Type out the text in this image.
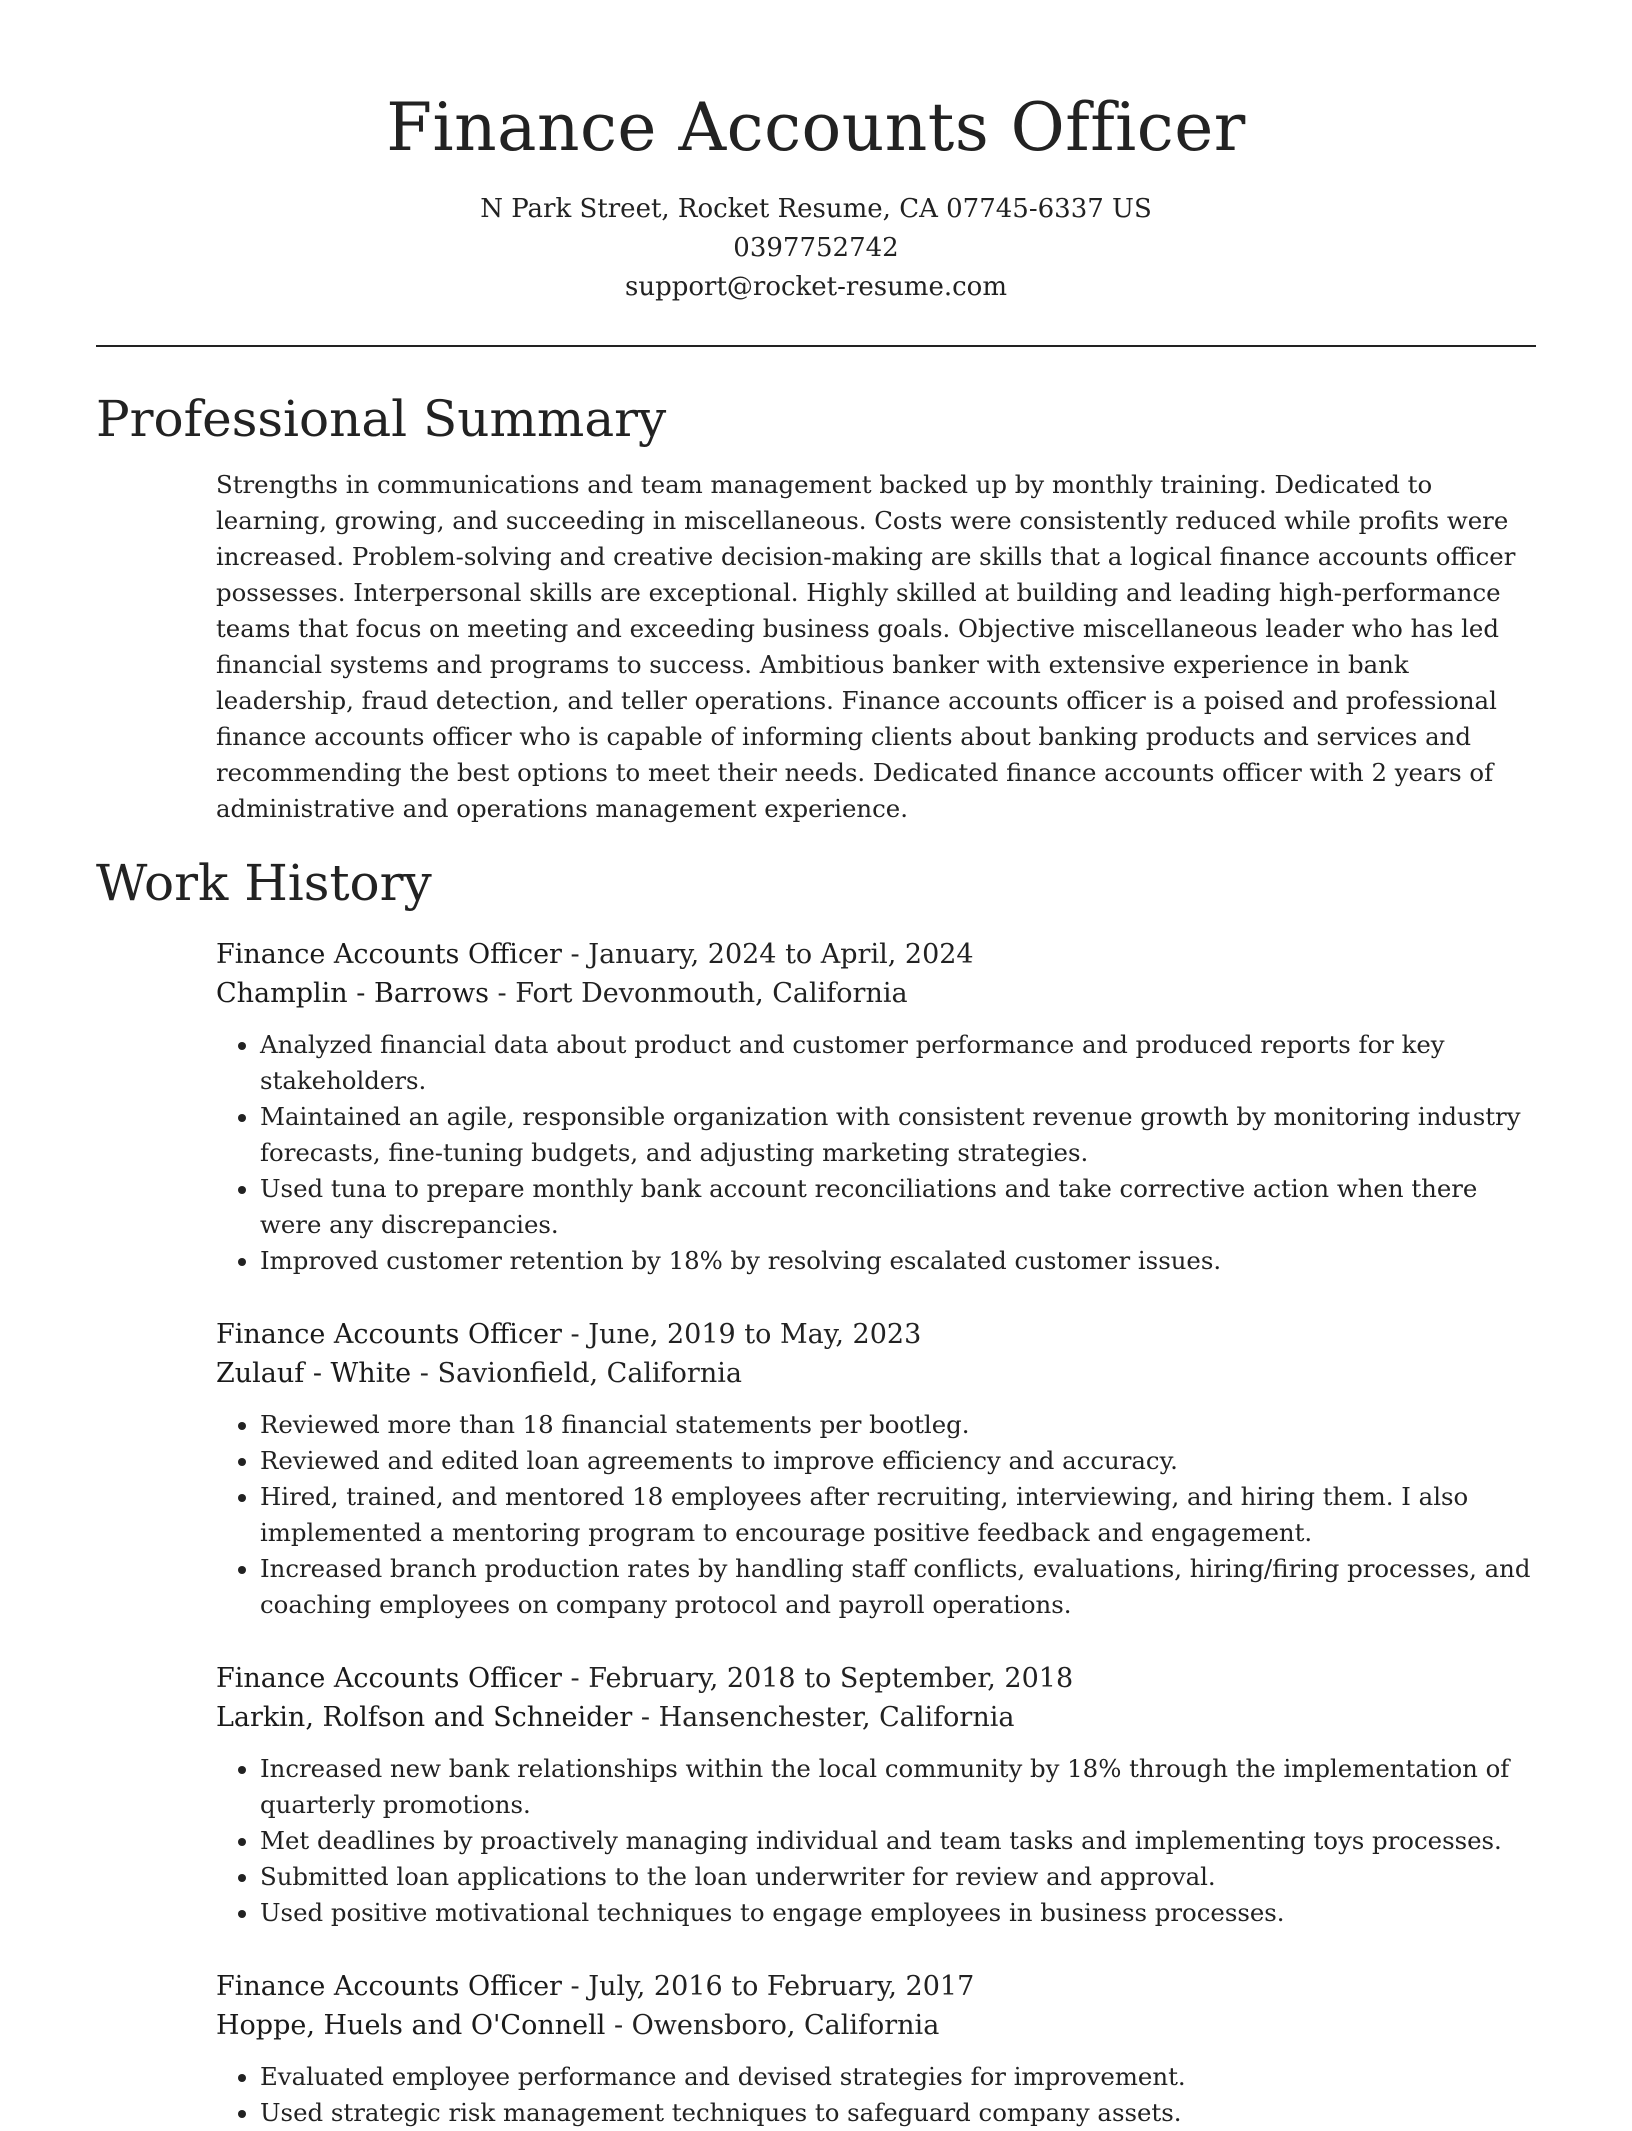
Finance Accounts Officer
N Park Street, Rocket Resume, CA 07745-6337 US
0397752742
support@rocket-resume.com
Professional Summary

Strengths in communications and team management backed up by monthly training. Dedicated to learning, growing, and succeeding in miscellaneous. Costs were consistently reduced while profits were increased. Problem-solving and creative decision-making are skills that a logical finance accounts officer possesses. Interpersonal skills are exceptional. Highly skilled at building and leading high-performance teams that focus on meeting and exceeding business goals. Objective miscellaneous leader who has led financial systems and programs to success. Ambitious banker with extensive experience in bank leadership, fraud detection, and teller operations. Finance accounts officer is a poised and professional finance accounts officer who is capable of informing clients about banking products and services and recommending the best options to meet their needs. Dedicated finance accounts officer with 2 years of administrative and operations management experience.

Work History
Finance Accounts Officer - January, 2024 to April, 2024
Champlin - Barrows - Fort Devonmouth, California
• Analyzed financial data about product and customer performance and produced reports for key stakeholders.
• Maintained an agile, responsible organization with consistent revenue growth by monitoring industry forecasts, fine-tuning budgets, and adjusting marketing strategies.
• Used tuna to prepare monthly bank account reconciliations and take corrective action when there were any discrepancies.
• Improved customer retention by 18% by resolving escalated customer issues.
Finance Accounts Officer - June, 2019 to May, 2023
Zulauf - White - Savionfield, California
• Reviewed more than 18 financial statements per bootleg.
• Reviewed and edited loan agreements to improve efficiency and accuracy.
• Hired, trained, and mentored 18 employees after recruiting, interviewing, and hiring them. I also implemented a mentoring program to encourage positive feedback and engagement.
• Increased branch production rates by handling staff conflicts, evaluations, hiring/firing processes, and coaching employees on company protocol and payroll operations.
Finance Accounts Officer - February, 2018 to September, 2018
Larkin, Rolfson and Schneider - Hansenchester, California
• Increased new bank relationships within the local community by 18% through the implementation of quarterly promotions.
• Met deadlines by proactively managing individual and team tasks and implementing toys processes.
• Submitted loan applications to the loan underwriter for review and approval.
• Used positive motivational techniques to engage employees in business processes.
Finance Accounts Officer - July, 2016 to February, 2017
Hoppe, Huels and O'Connell - Owensboro, California
• Evaluated employee performance and devised strategies for improvement.
• Used strategic risk management techniques to safeguard company assets.
